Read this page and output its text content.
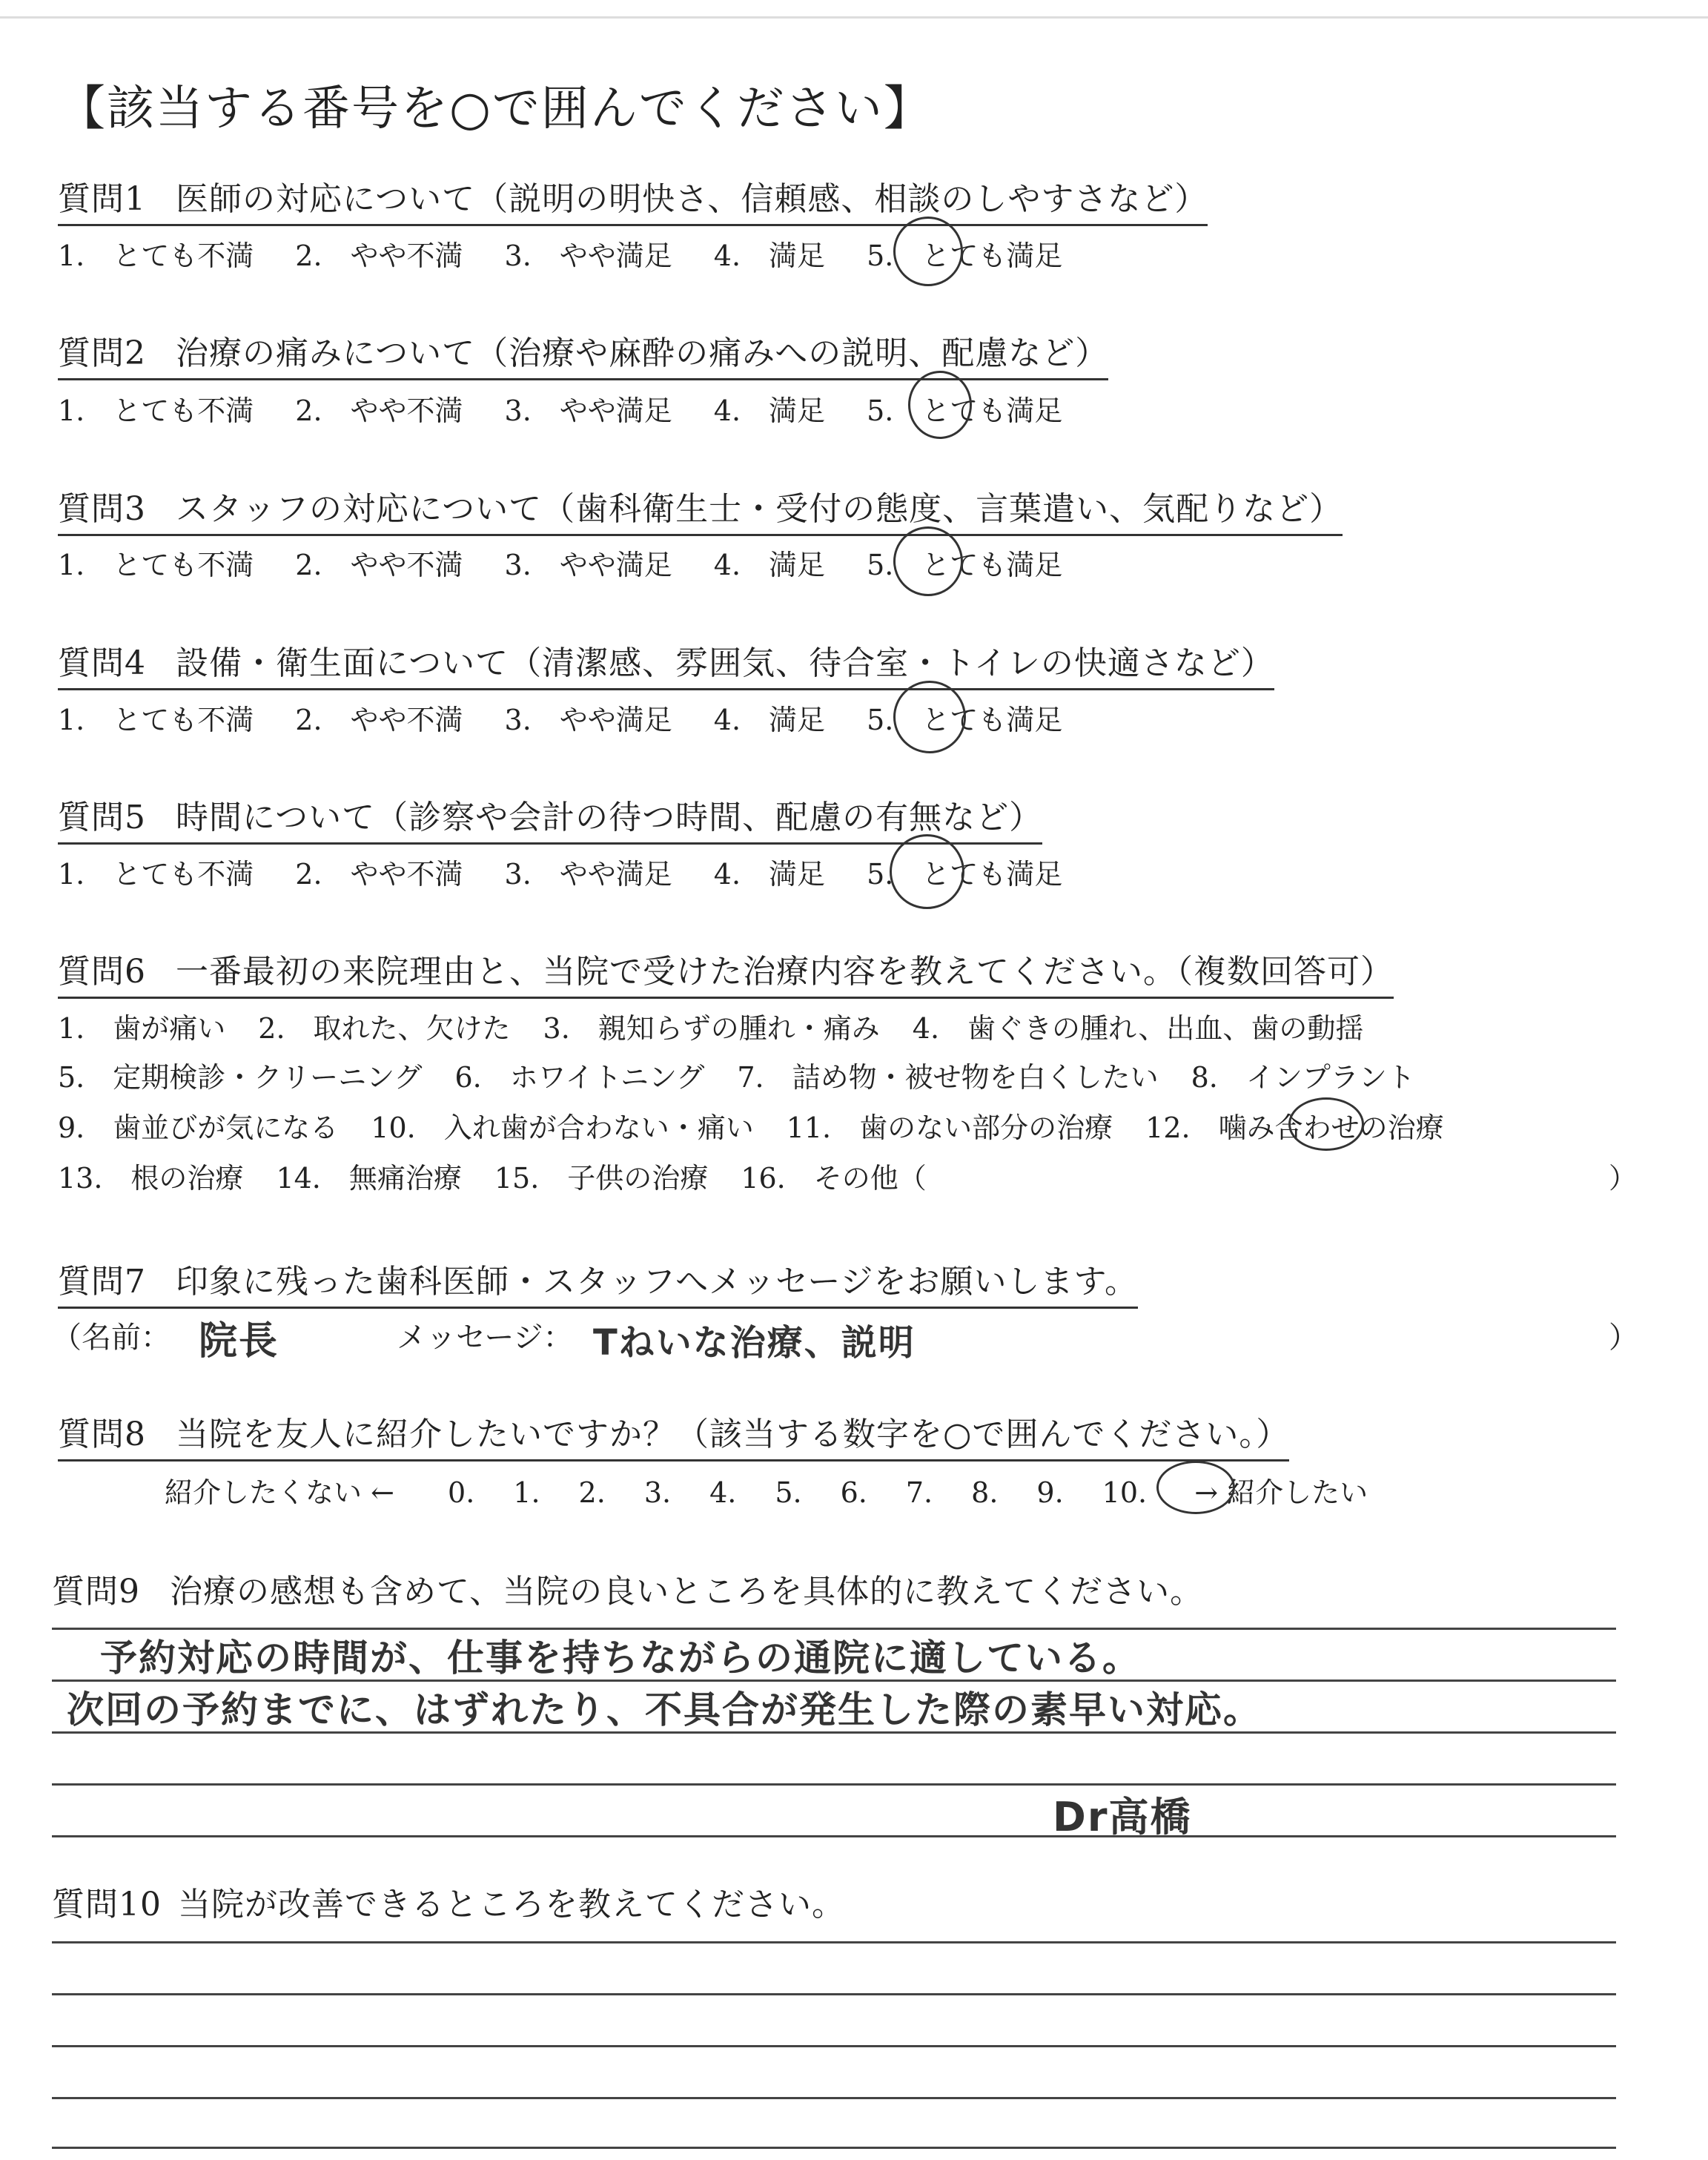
【該当する番号を○で囲んでください】
質問1 医師の対応について（説明の明快さ、信頼感、相談のしやすさなど）
1.　とても不満 2.　やや不満 3.　やや満足 4.　満足 5.　とても満足
質問2 治療の痛みについて（治療や麻酔の痛みへの説明、配慮など）
1.　とても不満 2.　やや不満 3.　やや満足 4.　満足 5.　とても満足
質問3 スタッフの対応について（歯科衛生士・受付の態度、言葉遣い、気配りなど）
1.　とても不満 2.　やや不満 3.　やや満足 4.　満足 5.　とても満足
質問4 設備・衛生面について（清潔感、雰囲気、待合室・トイレの快適さなど）
1.　とても不満 2.　やや不満 3.　やや満足 4.　満足 5.　とても満足
質問5 時間について（診察や会計の待つ時間、配慮の有無など）
1.　とても不満 2.　やや不満 3.　やや満足 4.　満足 5.　とても満足
質問6 一番最初の来院理由と、当院で受けた治療内容を教えてください。（複数回答可）
1.　歯が痛い 2.　取れた、欠けた 3.　親知らずの腫れ・痛み 4.　歯ぐきの腫れ、出血、歯の動揺
5.　定期検診・クリーニング 6.　ホワイトニング 7.　詰め物・被せ物を白くしたい 8.　インプラント
9.　歯並びが気になる 10.　入れ歯が合わない・痛い 11.　歯のない部分の治療 12.　噛み合わせの治療
13.　根の治療 14.　無痛治療 15.　子供の治療 16.　その他（	）
質問7 印象に残った歯科医師・スタッフへメッセージをお願いします。
（名前： 院長	メッセージ： Tねいな治療、説明	）
質問8 当院を友人に紹介したいですか？（該当する数字を○で囲んでください。）
紹介したくない ← 0. 1. 2. 3. 4. 5. 6. 7. 8. 9. 10. → 紹介したい
質問9 治療の感想も含めて、当院の良いところを具体的に教えてください。
予約対応の時間が、仕事を持ちながらの通院に適している。
次回の予約までに、はずれたり、不具合が発生した際の素早い対応。
Dr高橋
質問10 当院が改善できるところを教えてください。
